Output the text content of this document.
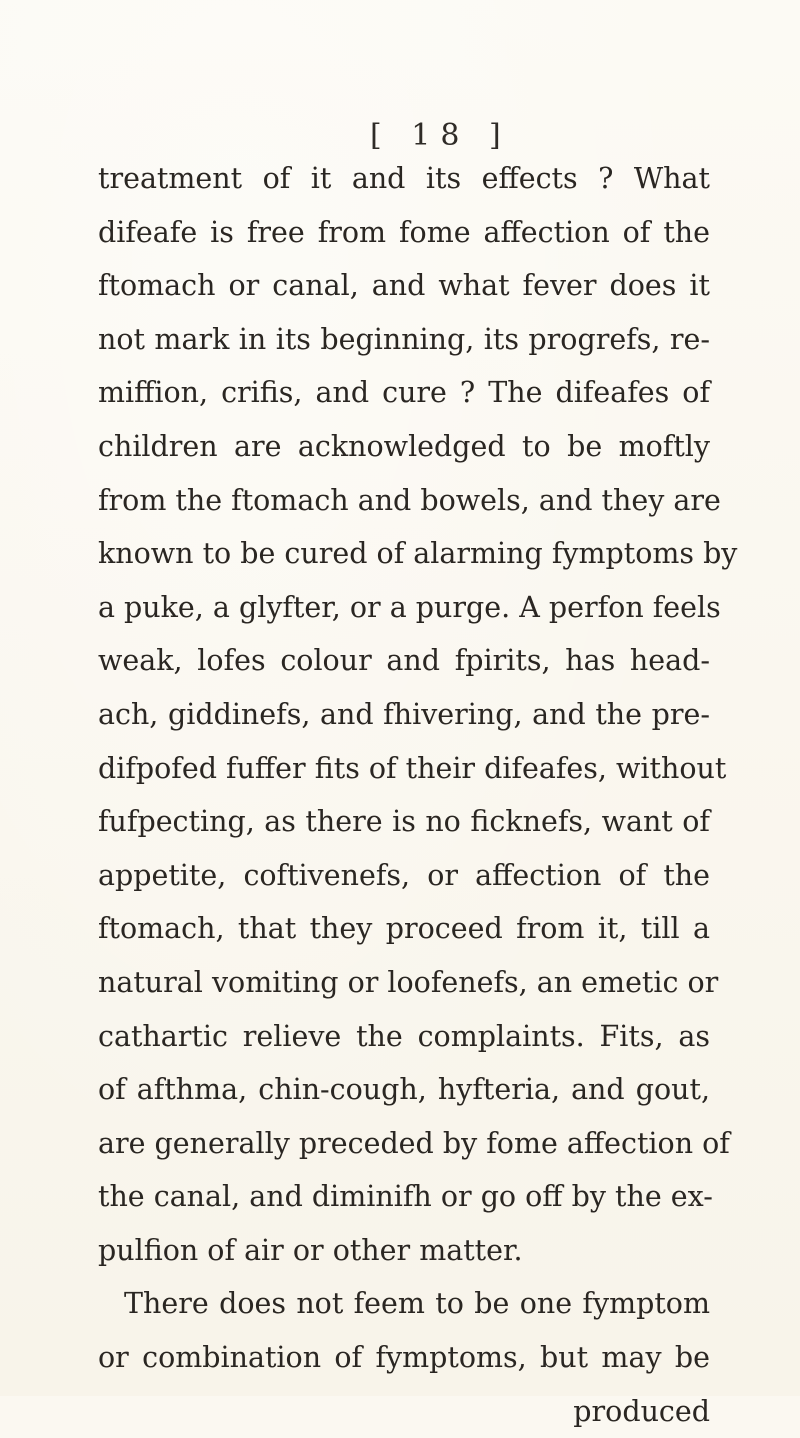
[ 18 ]
treatment of it and its effects ? What
difeafe is free from fome affection of the
ftomach or canal, and what fever does it
not mark in its beginning, its progrefs, re-
miffion, crifis, and cure ? The difeafes of
children are acknowledged to be moftly
from the ftomach and bowels, and they are
known to be cured of alarming fymptoms by
a puke, a glyfter, or a purge. A perfon feels
weak, lofes colour and fpirits, has head-
ach, giddinefs, and fhivering, and the pre-
difpofed fuffer fits of their difeafes, without
fufpecting, as there is no ficknefs, want of
appetite, coftivenefs, or affection of the
ftomach, that they proceed from it, till a
natural vomiting or loofenefs, an emetic or
cathartic relieve the complaints. Fits, as
of afthma, chin-cough, hyfteria, and gout,
are generally preceded by fome affection of
the canal, and diminifh or go off by the ex-
pulfion of air or other matter.
There does not feem to be one fymptom
or combination of fymptoms, but may be
produced
